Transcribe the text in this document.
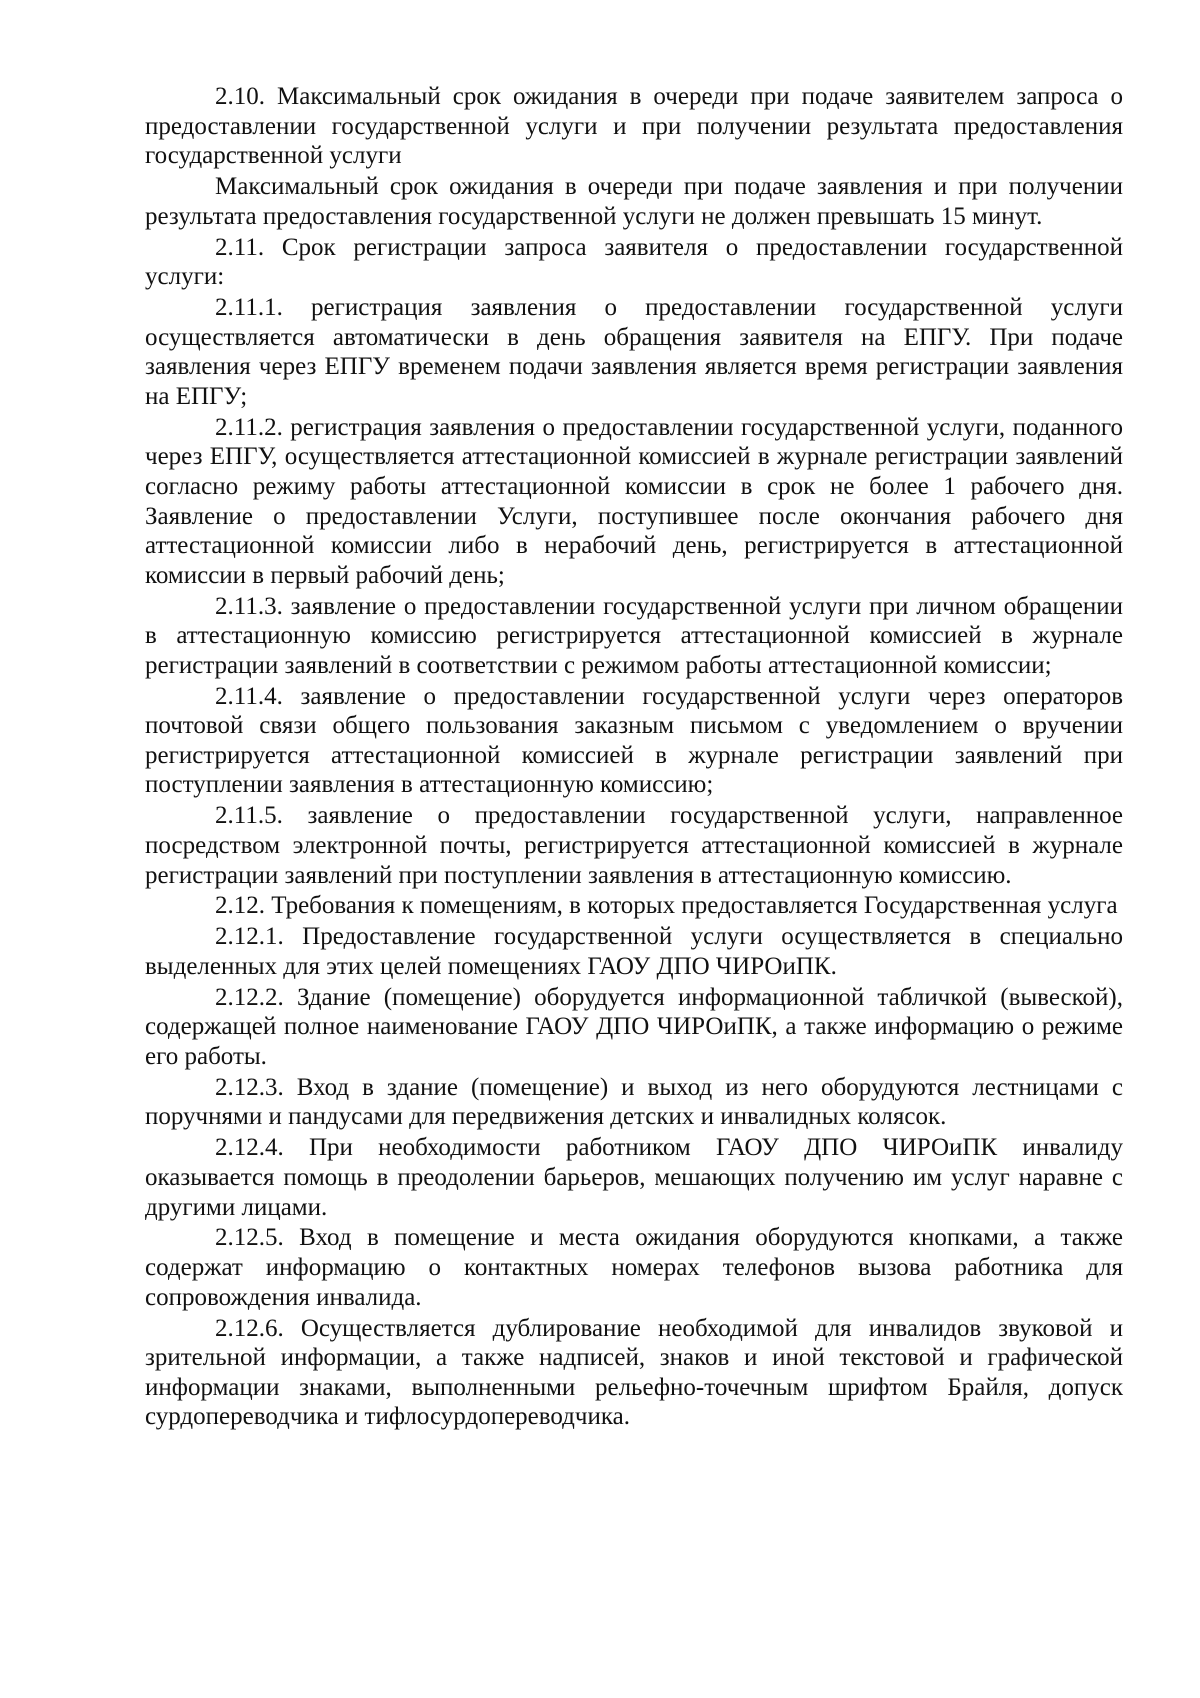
2.10. Максимальный срок ожидания в очереди при подаче заявителем запроса о предоставлении государственной услуги и при получении результата предоставления государственной услуги

Максимальный срок ожидания в очереди при подаче заявления и при получении результата предоставления государственной услуги не должен превышать 15 минут.

2.11. Срок регистрации запроса заявителя о предоставлении государственной услуги:

2.11.1. регистрация заявления о предоставлении государственной услуги осуществляется автоматически в день обращения заявителя на ЕПГУ. При подаче заявления через ЕПГУ временем подачи заявления является время регистрации заявления на ЕПГУ;

2.11.2. регистрация заявления о предоставлении государственной услуги, поданного через ЕПГУ, осуществляется аттестационной комиссией в журнале регистрации заявлений согласно режиму работы аттестационной комиссии в срок не более 1 рабочего дня. Заявление о предоставлении Услуги, поступившее после окончания рабочего дня аттестационной комиссии либо в нерабочий день, регистрируется в аттестационной комиссии в первый рабочий день;

2.11.3. заявление о предоставлении государственной услуги при личном обращении в аттестационную комиссию регистрируется аттестационной комиссией в журнале регистрации заявлений в соответствии с режимом работы аттестационной комиссии;

2.11.4. заявление о предоставлении государственной услуги через операторов почтовой связи общего пользования заказным письмом с уведомлением о вручении регистрируется аттестационной комиссией в журнале регистрации заявлений при поступлении заявления в аттестационную комиссию;

2.11.5. заявление о предоставлении государственной услуги, направленное посредством электронной почты, регистрируется аттестационной комиссией в журнале регистрации заявлений при поступлении заявления в аттестационную комиссию.

2.12. Требования к помещениям, в которых предоставляется Государственная услуга

2.12.1. Предоставление государственной услуги осуществляется в специально выделенных для этих целей помещениях ГАОУ ДПО ЧИРОиПК.

2.12.2. Здание (помещение) оборудуется информационной табличкой (вывеской), содержащей полное наименование ГАОУ ДПО ЧИРОиПК, а также информацию о режиме его работы.

2.12.3. Вход в здание (помещение) и выход из него оборудуются лестницами с поручнями и пандусами для передвижения детских и инвалидных колясок.

2.12.4. При необходимости работником ГАОУ ДПО ЧИРОиПК инвалиду оказывается помощь в преодолении барьеров, мешающих получению им услуг наравне с другими лицами.

2.12.5. Вход в помещение и места ожидания оборудуются кнопками, а также содержат информацию о контактных номерах телефонов вызова работника для сопровождения инвалида.

2.12.6. Осуществляется дублирование необходимой для инвалидов звуковой и зрительной информации, а также надписей, знаков и иной текстовой и графической информации знаками, выполненными рельефно-точечным шрифтом Брайля, допуск сурдопереводчика и тифлосурдопереводчика.
